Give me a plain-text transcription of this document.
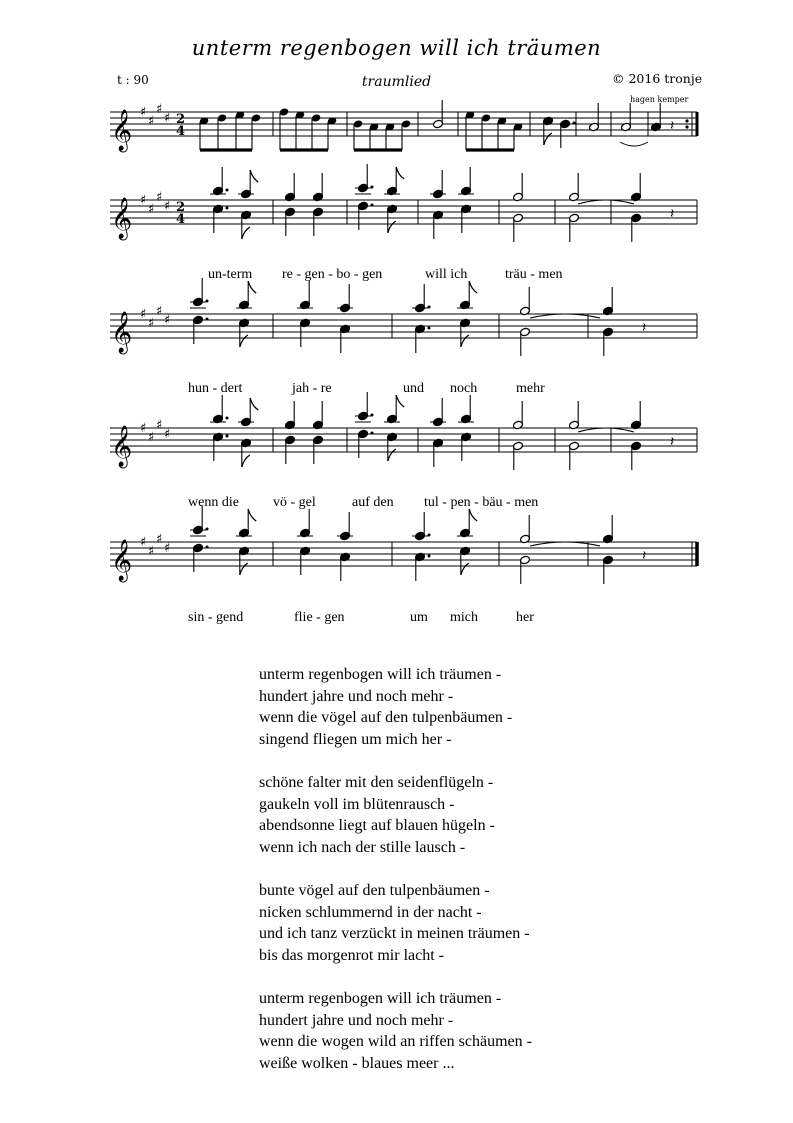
unterm regenbogen will ich träumen
t : 90	traumlied	© 2016 tronje
hagen kemper
𝄞 ♯
♯
♯
♯ 2
4
𝄞 ♯
♯
♯
♯ 2
4
𝄞 ♯
♯
♯
♯
𝄞 ♯
♯
♯
♯
𝄞 ♯
♯
♯
♯
𝄽
𝄽
𝄽
𝄽
𝄽
un-term re - gen - bo - gen	will ich	träu - men
hun - dert	jah - re	und noch	mehr
wenn die vö - gel	auf den tul - pen - bäu - men
sin - gend	flie - gen	um mich	her
unterm regenbogen will ich träumen -
hundert jahre und noch mehr -
wenn die vögel auf den tulpenbäumen -
singend fliegen um mich her -
schöne falter mit den seidenflügeln -
gaukeln voll im blütenrausch -
abendsonne liegt auf blauen hügeln -
wenn ich nach der stille lausch -
bunte vögel auf den tulpenbäumen -
nicken schlummernd in der nacht -
und ich tanz verzückt in meinen träumen -
bis das morgenrot mir lacht -
unterm regenbogen will ich träumen -
hundert jahre und noch mehr -
wenn die wogen wild an riffen schäumen -
weiße wolken - blaues meer ...
